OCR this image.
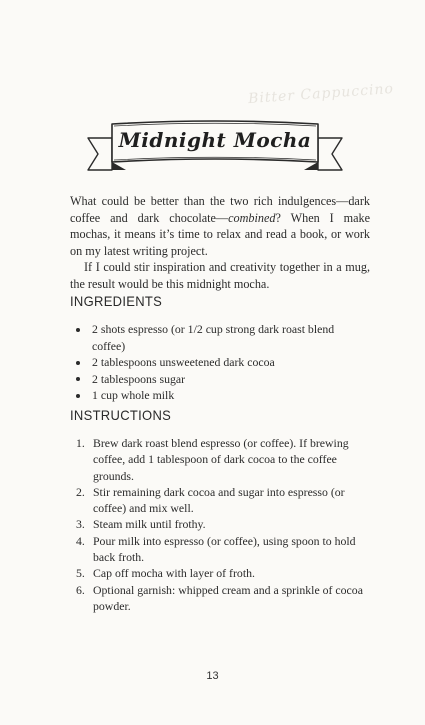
Bitter Cappuccino
Midnight Mocha

What could be better than the two rich indulgences—dark coffee and dark chocolate—combined? When I make mochas, it means it’s time to relax and read a book, or work on my latest writing project.

If I could stir inspiration and creativity together in a mug, the result would be this midnight mocha.

INGREDIENTS
2 shots espresso (or 1/2 cup strong dark roast blend coffee)
2 tablespoons unsweetened dark cocoa
2 tablespoons sugar
1 cup whole milk
INSTRUCTIONS
1. Brew dark roast blend espresso (or coffee). If brewing coffee, add 1 tablespoon of dark cocoa to the coffee grounds.
2. Stir remaining dark cocoa and sugar into espresso (or coffee) and mix well.
3. Steam milk until frothy.
4. Pour milk into espresso (or coffee), using spoon to hold back froth.
5. Cap off mocha with layer of froth.
6. Optional garnish: whipped cream and a sprinkle of cocoa powder.
13
